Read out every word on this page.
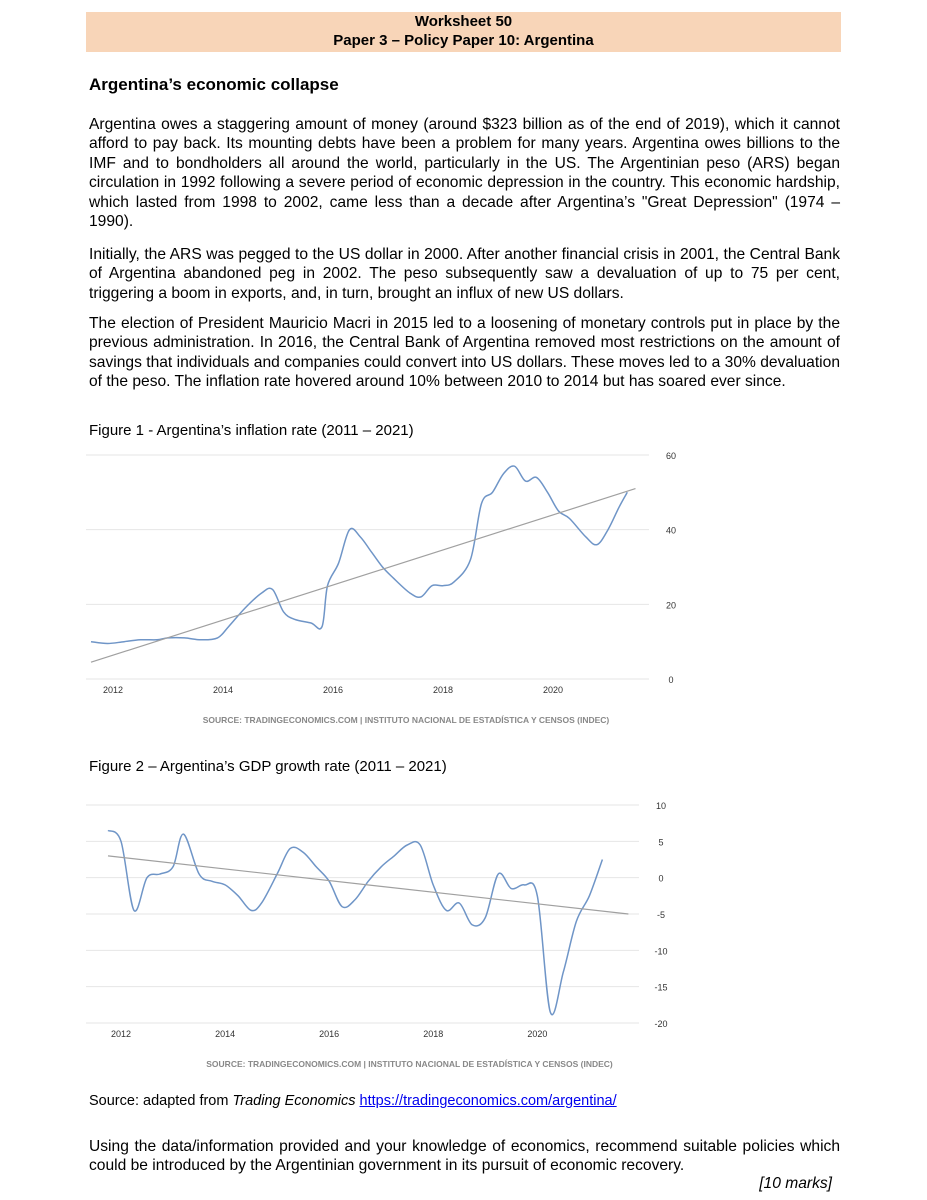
Worksheet 50
Paper 3 – Policy Paper 10: Argentina
Argentina’s economic collapse

Argentina owes a staggering amount of money (around $323 billion as of the end of 2019), which it cannot afford to pay back. Its mounting debts have been a problem for many years. Argentina owes billions to the IMF and to bondholders all around the world, particularly in the US. The Argentinian peso (ARS) began circulation in 1992 following a severe period of economic depression in the country. This economic hardship, which lasted from 1998 to 2002, came less than a decade after Argentina’s "Great Depression" (1974 – 1990).

Initially, the ARS was pegged to the US dollar in 2000. After another financial crisis in 2001, the Central Bank of Argentina abandoned peg in 2002. The peso subsequently saw a devaluation of up to 75 per cent, triggering a boom in exports, and, in turn, brought an influx of new US dollars.

The election of President Mauricio Macri in 2015 led to a loosening of monetary controls put in place by the previous administration. In 2016, the Central Bank of Argentina removed most restrictions on the amount of savings that individuals and companies could convert into US dollars. These moves led to a 30% devaluation of the peso. The inflation rate hovered around 10% between 2010 to 2014 but has soared ever since.

Figure 1 - Argentina’s inflation rate (2011 – 2021)
0
20
40
60
2012	2014	2016	2018	2020
SOURCE: TRADINGECONOMICS.COM | INSTITUTO NACIONAL DE ESTADÍSTICA Y CENSOS (INDEC)
Figure 2 – Argentina’s GDP growth rate (2011 – 2021)
10
5
0
-5
-10
-15
-20
2012	2014	2016	2018	2020
SOURCE: TRADINGECONOMICS.COM | INSTITUTO NACIONAL DE ESTADÍSTICA Y CENSOS (INDEC)
Source: adapted from Trading Economics https://tradingeconomics.com/argentina/

Using the data/information provided and your knowledge of economics, recommend suitable policies which could be introduced by the Argentinian government in its pursuit of economic recovery.

[10 marks]
